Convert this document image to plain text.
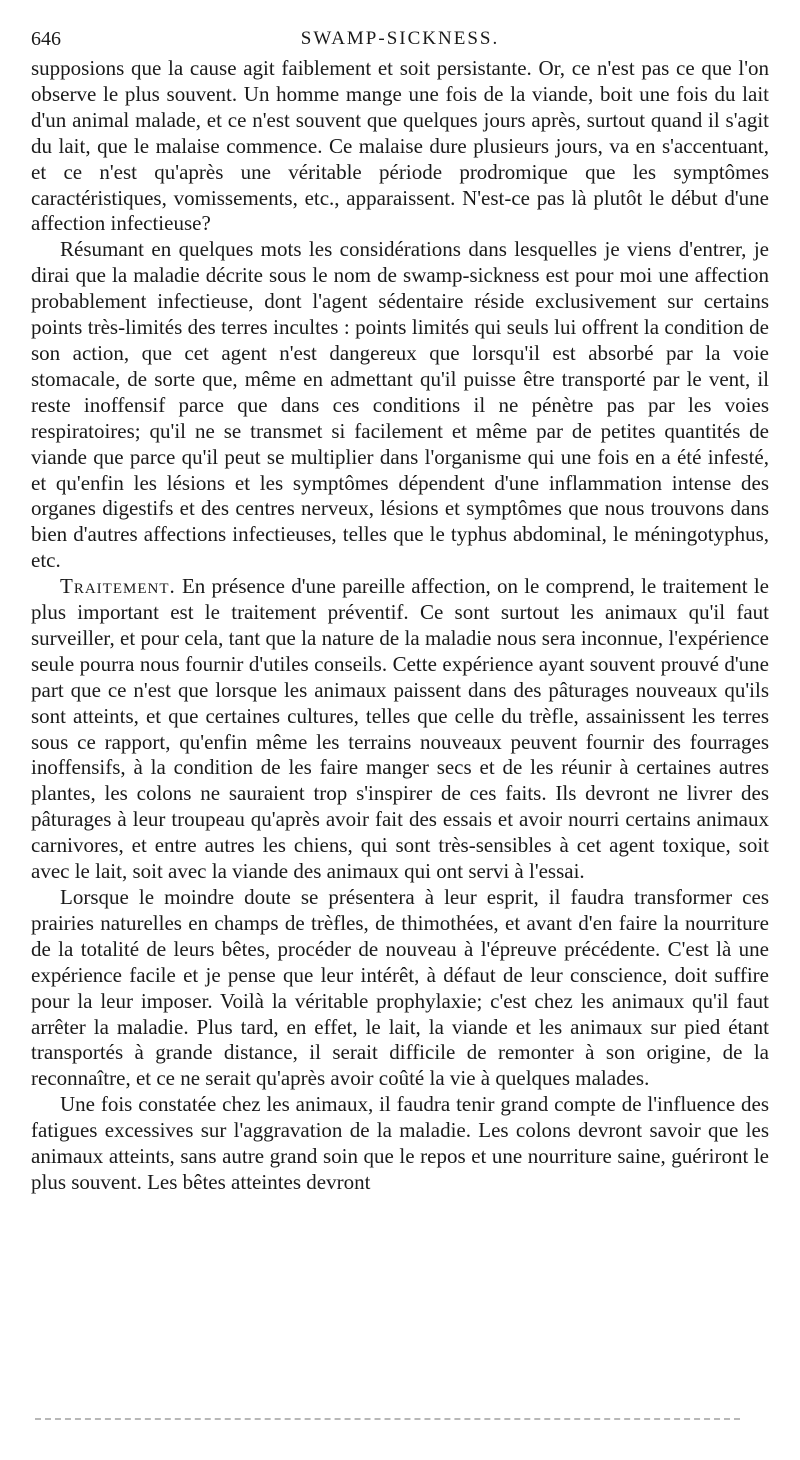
646	SWAMP-SICKNESS.

supposions que la cause agit faiblement et soit persistante. Or, ce n'est pas ce que l'on observe le plus souvent. Un homme mange une fois de la viande, boit une fois du lait d'un animal malade, et ce n'est souvent que quelques jours après, surtout quand il s'agit du lait, que le malaise commence. Ce malaise dure plusieurs jours, va en s'accentuant, et ce n'est qu'après une véritable période prodromique que les symptômes caractéristiques, vomissements, etc., apparaissent. N'est-ce pas là plutôt le début d'une affection infectieuse?

Résumant en quelques mots les considérations dans lesquelles je viens d'entrer, je dirai que la maladie décrite sous le nom de swamp-sickness est pour moi une affection probablement infectieuse, dont l'agent sédentaire réside exclusivement sur certains points très-limités des terres incultes : points limités qui seuls lui offrent la condition de son action, que cet agent n'est dangereux que lorsqu'il est absorbé par la voie stomacale, de sorte que, même en admettant qu'il puisse être transporté par le vent, il reste inoffensif parce que dans ces conditions il ne pénètre pas par les voies respiratoires; qu'il ne se transmet si facilement et même par de petites quantités de viande que parce qu'il peut se multiplier dans l'organisme qui une fois en a été infesté, et qu'enfin les lésions et les symptômes dépendent d'une inflammation intense des organes digestifs et des centres nerveux, lésions et symptômes que nous trouvons dans bien d'autres affections infectieuses, telles que le typhus abdominal, le méningotyphus, etc.

Traitement. En présence d'une pareille affection, on le comprend, le traitement le plus important est le traitement préventif. Ce sont surtout les animaux qu'il faut surveiller, et pour cela, tant que la nature de la maladie nous sera inconnue, l'expérience seule pourra nous fournir d'utiles conseils. Cette expérience ayant souvent prouvé d'une part que ce n'est que lorsque les animaux paissent dans des pâturages nouveaux qu'ils sont atteints, et que certaines cultures, telles que celle du trèfle, assainissent les terres sous ce rapport, qu'enfin même les terrains nouveaux peuvent fournir des fourrages inoffensifs, à la condition de les faire manger secs et de les réunir à certaines autres plantes, les colons ne sauraient trop s'inspirer de ces faits. Ils devront ne livrer des pâturages à leur troupeau qu'après avoir fait des essais et avoir nourri certains animaux carnivores, et entre autres les chiens, qui sont très-sensibles à cet agent toxique, soit avec le lait, soit avec la viande des animaux qui ont servi à l'essai.

Lorsque le moindre doute se présentera à leur esprit, il faudra transformer ces prairies naturelles en champs de trèfles, de thimothées, et avant d'en faire la nourriture de la totalité de leurs bêtes, procéder de nouveau à l'épreuve précédente. C'est là une expérience facile et je pense que leur intérêt, à défaut de leur conscience, doit suffire pour la leur imposer. Voilà la véritable prophylaxie; c'est chez les animaux qu'il faut arrêter la maladie. Plus tard, en effet, le lait, la viande et les animaux sur pied étant transportés à grande distance, il serait difficile de remonter à son origine, de la reconnaître, et ce ne serait qu'après avoir coûté la vie à quelques malades.

Une fois constatée chez les animaux, il faudra tenir grand compte de l'influence des fatigues excessives sur l'aggravation de la maladie. Les colons devront savoir que les animaux atteints, sans autre grand soin que le repos et une nourriture saine, guériront le plus souvent. Les bêtes atteintes devront
